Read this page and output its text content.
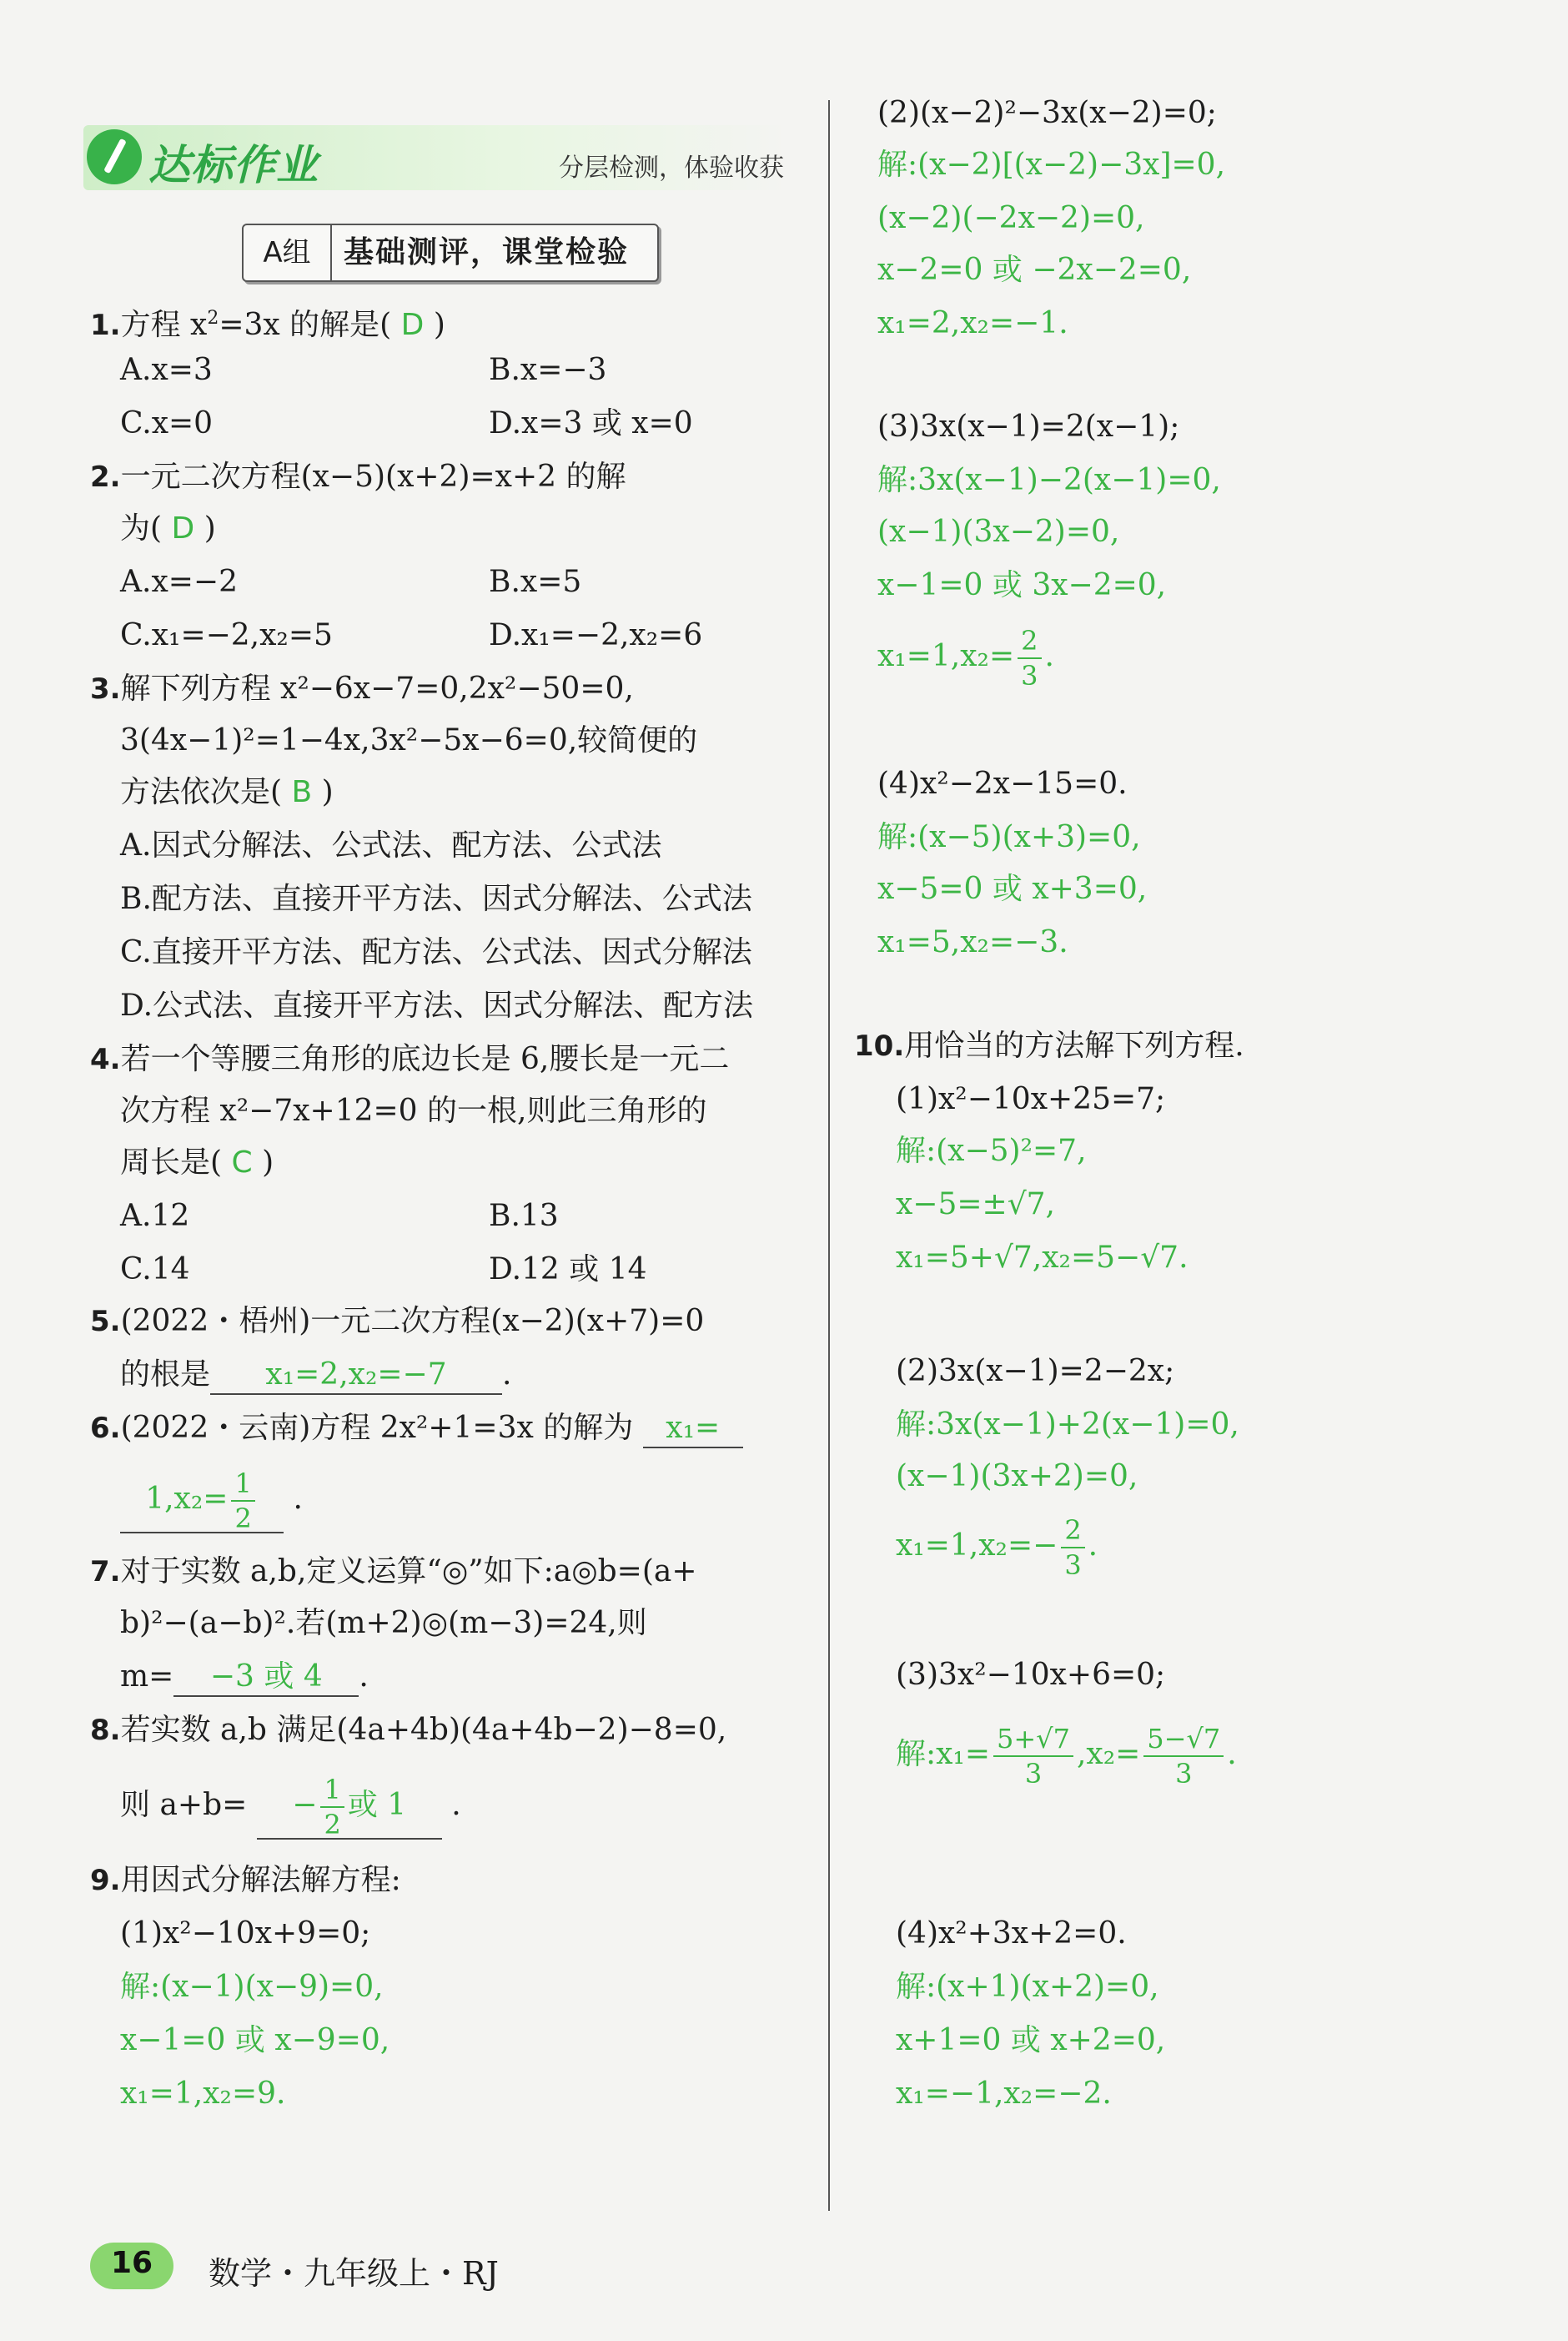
达标作业	分层检测，体验收获
A组	基础测评，课堂检验
1.方程 $x^2=3x$ 的解是( D )
A.x=3	B.x=−3
C.x=0	D.x=3 或 x=0
2.一元二次方程(x−5)(x+2)=x+2 的解
为( D )
A.x=−2	B.x=5
C.x₁=−2,x₂=5	D.x₁=−2,x₂=6
3.解下列方程 x²−6x−7=0,2x²−50=0,
3(4x−1)²=1−4x,3x²−5x−6=0,较简便的
方法依次是( B )
A.因式分解法、公式法、配方法、公式法
B.配方法、直接开平方法、因式分解法、公式法
C.直接开平方法、配方法、公式法、因式分解法
D.公式法、直接开平方法、因式分解法、配方法
4.若一个等腰三角形的底边长是 6,腰长是一元二
次方程 x²−7x+12=0 的一根,则此三角形的
周长是( C )
A.12	B.13
C.14	D.12 或 14
5.(2022・梧州)一元二次方程(x−2)(x+7)=0
的根是 x₁=2,x₂=−7 .
6.(2022・云南)方程 2x²+1=3x 的解为 x₁=
$1,x_2= \frac{1}{2}$ .
7.对于实数 a,b,定义运算“◎”如下:a◎b=(a+
b)²−(a−b)².若(m+2)◎(m−3)=24,则
m= −3 或 4 .
8.若实数 a,b 满足(4a+4b)(4a+4b−2)−8=0,
则 $a+b= - \frac{1}{2}$ 或 1 .
9.用因式分解法解方程:
(1)x²−10x+9=0;
解:(x−1)(x−9)=0,
x−1=0 或 x−9=0,
x₁=1,x₂=9.
(2)(x−2)²−3x(x−2)=0;
解:(x−2)[(x−2)−3x]=0,
(x−2)(−2x−2)=0,
x−2=0 或 −2x−2=0,
x₁=2,x₂=−1.
(3)3x(x−1)=2(x−1);
解:3x(x−1)−2(x−1)=0,
(x−1)(3x−2)=0,
x−1=0 或 3x−2=0,
$x_1=1,x_2= \frac{2}{3}$ .
(4)x²−2x−15=0.
解:(x−5)(x+3)=0,
x−5=0 或 x+3=0,
x₁=5,x₂=−3.
10.用恰当的方法解下列方程.
(1)x²−10x+25=7;
解:(x−5)²=7,
x−5=±√7,
x₁=5+√7,x₂=5−√7.
(2)3x(x−1)=2−2x;
解:3x(x−1)+2(x−1)=0,
(x−1)(3x+2)=0,
$x_1=1,x_2=- \frac{2}{3}$ .
(3)3x²−10x+6=0;
解:x₁= $\frac{5+√7}{3} ,x_2= \frac{5-√7}{3}$ .
(4)x²+3x+2=0.
解:(x+1)(x+2)=0,
x+1=0 或 x+2=0,
x₁=−1,x₂=−2.
16	数学・九年级上・RJ
